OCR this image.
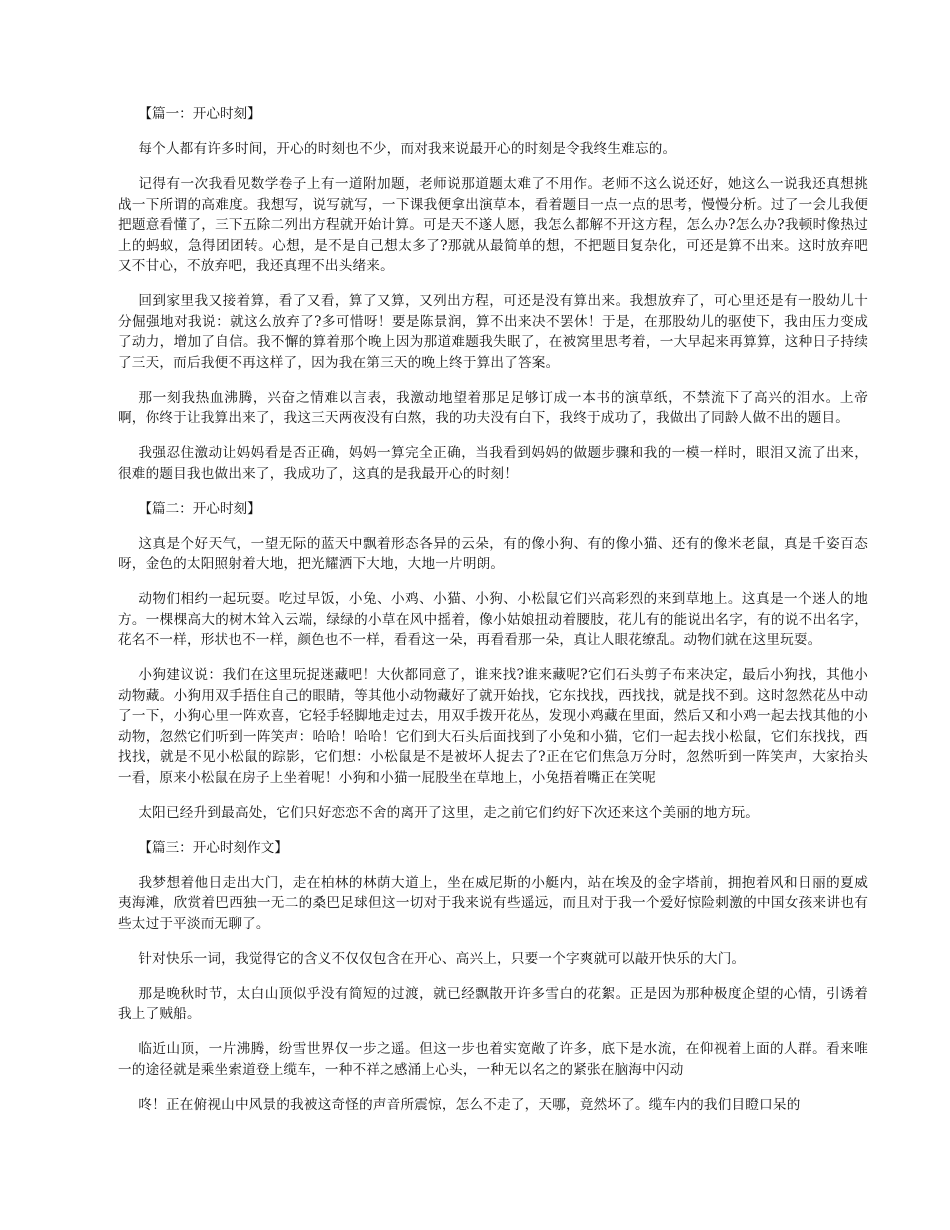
【篇一：开心时刻】
每个人都有许多时间，开心的时刻也不少，而对我来说最开心的时刻是令我终生难忘的。
记得有一次我看见数学卷子上有一道附加题，老师说那道题太难了不用作。老师不这么说还好，她这么一说我还真想挑战一下所谓的高难度。我想写，说写就写，一下课我便拿出演草本，看着题目一点一点的思考，慢慢分析。过了一会儿我便把题意看懂了，三下五除二列出方程就开始计算。可是天不遂人愿，我怎么都解不开这方程，怎么办?怎么办?我顿时像热过上的蚂蚁，急得团团转。心想，是不是自己想太多了?那就从最简单的想，不把题目复杂化，可还是算不出来。这时放弃吧又不甘心，不放弃吧，我还真理不出头绪来。
回到家里我又接着算，看了又看，算了又算，又列出方程，可还是没有算出来。我想放弃了，可心里还是有一股幼儿十分倔强地对我说：就这么放弃了?多可惜呀！要是陈景润，算不出来决不罢休！于是，在那股幼儿的驱使下，我由压力变成了动力，增加了自信。我不懈的算着那个晚上因为那道难题我失眠了，在被窝里思考着，一大早起来再算算，这种日子持续了三天，而后我便不再这样了，因为我在第三天的晚上终于算出了答案。
那一刻我热血沸腾，兴奋之情难以言表，我激动地望着那足足够订成一本书的演草纸，不禁流下了高兴的泪水。上帝啊，你终于让我算出来了，我这三天两夜没有白熬，我的功夫没有白下，我终于成功了，我做出了同龄人做不出的题目。
我强忍住激动让妈妈看是否正确，妈妈一算完全正确，当我看到妈妈的做题步骤和我的一模一样时，眼泪又流了出来，很难的题目我也做出来了，我成功了，这真的是我最开心的时刻！
【篇二：开心时刻】
这真是个好天气，一望无际的蓝天中飘着形态各异的云朵，有的像小狗、有的像小猫、还有的像米老鼠，真是千姿百态呀，金色的太阳照射着大地，把光耀洒下大地，大地一片明朗。
动物们相约一起玩耍。吃过早饭，小兔、小鸡、小猫、小狗、小松鼠它们兴高彩烈的来到草地上。这真是一个迷人的地方。一棵棵高大的树木耸入云端，绿绿的小草在风中摇着，像小姑娘扭动着腰肢，花儿有的能说出名字，有的说不出名字，花名不一样，形状也不一样，颜色也不一样，看看这一朵，再看看那一朵，真让人眼花缭乱。动物们就在这里玩耍。
小狗建议说：我们在这里玩捉迷藏吧！大伙都同意了，谁来找?谁来藏呢?它们石头剪子布来决定，最后小狗找，其他小动物藏。小狗用双手捂住自己的眼睛，等其他小动物藏好了就开始找，它东找找，西找找，就是找不到。这时忽然花丛中动了一下，小狗心里一阵欢喜，它轻手轻脚地走过去，用双手拨开花丛，发现小鸡藏在里面，然后又和小鸡一起去找其他的小动物，忽然它们听到一阵笑声：哈哈！哈哈！它们到大石头后面找到了小兔和小猫，它们一起去找小松鼠，它们东找找，西找找，就是不见小松鼠的踪影，它们想：小松鼠是不是被坏人捉去了?正在它们焦急万分时，忽然听到一阵笑声，大家抬头一看，原来小松鼠在房子上坐着呢！小狗和小猫一屁股坐在草地上，小兔捂着嘴正在笑呢
太阳已经升到最高处，它们只好恋恋不舍的离开了这里，走之前它们约好下次还来这个美丽的地方玩。
【篇三：开心时刻作文】
我梦想着他日走出大门，走在柏林的林荫大道上，坐在威尼斯的小艇内，站在埃及的金字塔前，拥抱着风和日丽的夏威夷海滩，欣赏着巴西独一无二的桑巴足球但这一切对于我来说有些遥远，而且对于我一个爱好惊险刺激的中国女孩来讲也有些太过于平淡而无聊了。
针对快乐一词，我觉得它的含义不仅仅包含在开心、高兴上，只要一个字爽就可以敲开快乐的大门。
那是晚秋时节，太白山顶似乎没有简短的过渡，就已经飘散开许多雪白的花絮。正是因为那种极度企望的心情，引诱着我上了贼船。
临近山顶，一片沸腾，纷雪世界仅一步之遥。但这一步也着实宽敞了许多，底下是水流，在仰视着上面的人群。看来唯一的途径就是乘坐索道登上缆车，一种不祥之感涌上心头，一种无以名之的紧张在脑海中闪动
咚！正在俯视山中风景的我被这奇怪的声音所震惊，怎么不走了，天哪，竟然坏了。缆车内的我们目瞪口呆的
